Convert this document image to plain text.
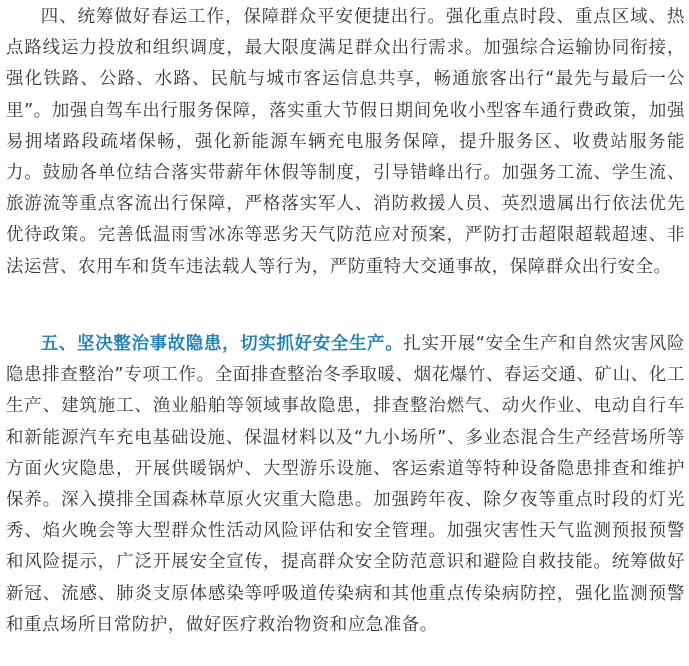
四、统筹做好春运工作，保障群众平安便捷出行。强化重点时段、重点区域、热点路线运力投放和组织调度，最大限度满足群众出行需求。加强综合运输协同衔接，强化铁路、公路、水路、民航与城市客运信息共享，畅通旅客出行“最先与最后一公里”。加强自驾车出行服务保障，落实重大节假日期间免收小型客车通行费政策，加强易拥堵路段疏堵保畅，强化新能源车辆充电服务保障，提升服务区、收费站服务能力。鼓励各单位结合落实带薪年休假等制度，引导错峰出行。加强务工流、学生流、旅游流等重点客流出行保障，严格落实军人、消防救援人员、英烈遗属出行依法优先优待政策。完善低温雨雪冰冻等恶劣天气防范应对预案，严防打击超限超载超速、非法运营、农用车和货车违法载人等行为，严防重特大交通事故，保障群众出行安全。

五、坚决整治事故隐患，切实抓好安全生产。扎实开展“安全生产和自然灾害风险隐患排查整治”专项工作。全面排查整治冬季取暖、烟花爆竹、春运交通、矿山、化工生产、建筑施工、渔业船舶等领域事故隐患，排查整治燃气、动火作业、电动自行车和新能源汽车充电基础设施、保温材料以及“九小场所”、多业态混合生产经营场所等方面火灾隐患，开展供暖锅炉、大型游乐设施、客运索道等特种设备隐患排查和维护保养。深入摸排全国森林草原火灾重大隐患。加强跨年夜、除夕夜等重点时段的灯光秀、焰火晚会等大型群众性活动风险评估和安全管理。加强灾害性天气监测预报预警和风险提示，广泛开展安全宣传，提高群众安全防范意识和避险自救技能。统筹做好新冠、流感、肺炎支原体感染等呼吸道传染病和其他重点传染病防控，强化监测预警和重点场所日常防护，做好医疗救治物资和应急准备。
